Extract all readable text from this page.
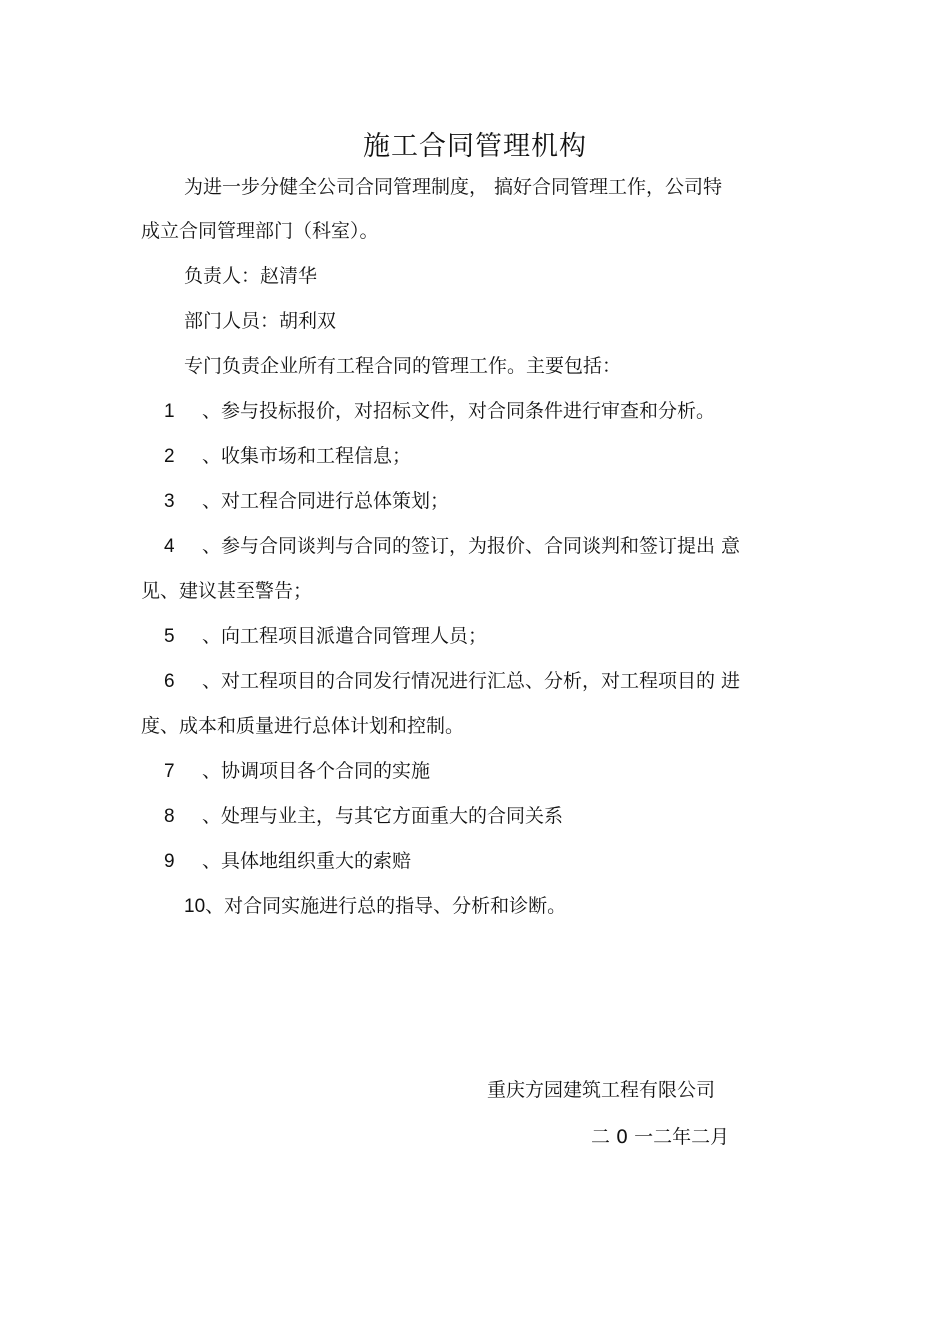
施工合同管理机构
为进一步分健全公司合同管理制度， 搞好合同管理工作，公司特
成立合同管理部门（科室）。
负责人：赵清华
部门人员：胡利双
专门负责企业所有工程合同的管理工作。主要包括：
1 、参与投标报价，对招标文件，对合同条件进行审查和分析。
2 、收集市场和工程信息；
3 、对工程合同进行总体策划；
4 、参与合同谈判与合同的签订，为报价、合同谈判和签订提出 意
见、建议甚至警告；
5 、向工程项目派遣合同管理人员；
6 、对工程项目的合同发行情况进行汇总、分析，对工程项目的 进
度、成本和质量进行总体计划和控制。
7 、协调项目各个合同的实施
8 、处理与业主，与其它方面重大的合同关系
9 、具体地组织重大的索赔
10、对合同实施进行总的指导、分析和诊断。
重庆方园建筑工程有限公司
二 0 一二年二月
